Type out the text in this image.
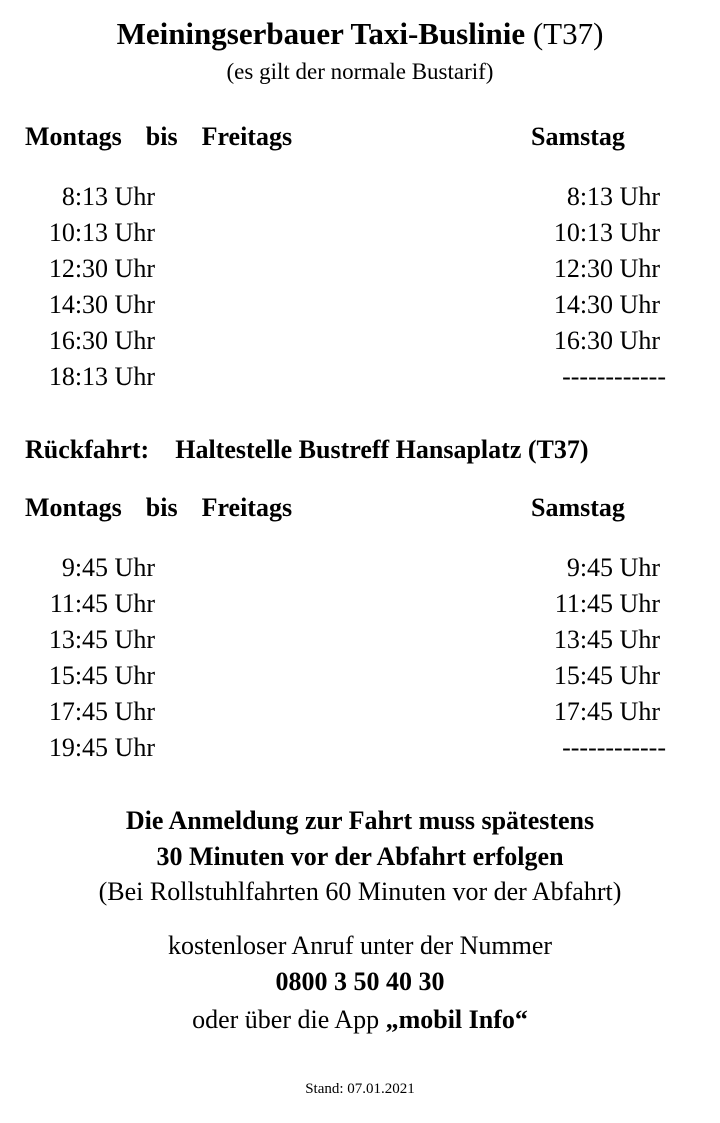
Meiningserbauer Taxi-Buslinie (T37)
(es gilt der normale Bustarif)
Montags bis Freitags	Samstag
8:13 Uhr
10:13 Uhr
12:30 Uhr
14:30 Uhr
16:30 Uhr
18:13 Uhr
8:13 Uhr
10:13 Uhr
12:30 Uhr
14:30 Uhr
16:30 Uhr
------------
Rückfahrt: Haltestelle Bustreff Hansaplatz (T37)
Montags bis Freitags	Samstag
9:45 Uhr
11:45 Uhr
13:45 Uhr
15:45 Uhr
17:45 Uhr
19:45 Uhr
9:45 Uhr
11:45 Uhr
13:45 Uhr
15:45 Uhr
17:45 Uhr
------------
Die Anmeldung zur Fahrt muss spätestens
30 Minuten vor der Abfahrt erfolgen
(Bei Rollstuhlfahrten 60 Minuten vor der Abfahrt)
kostenloser Anruf unter der Nummer
0800 3 50 40 30
oder über die App „mobil Info“
Stand: 07.01.2021
